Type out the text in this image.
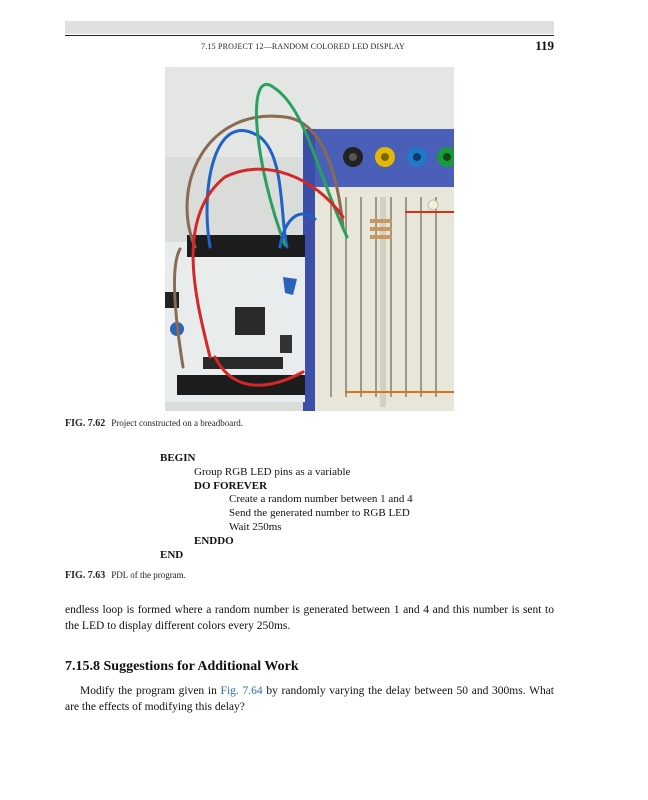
7.15 PROJECT 12—RANDOM COLORED LED DISPLAY	119
FIG. 7.62 Project constructed on a breadboard.
BEGIN
Group RGB LED pins as a variable
DO FOREVER
Create a random number between 1 and 4
Send the generated number to RGB LED
Wait 250ms
ENDDO
END
FIG. 7.63 PDL of the program.
endless loop is formed where a random number is generated between 1 and 4 and this number is sent to the LED to display different colors every 250ms.
7.15.8 Suggestions for Additional Work
Modify the program given in Fig. 7.64 by randomly varying the delay between 50 and 300ms. What are the effects of modifying this delay?
